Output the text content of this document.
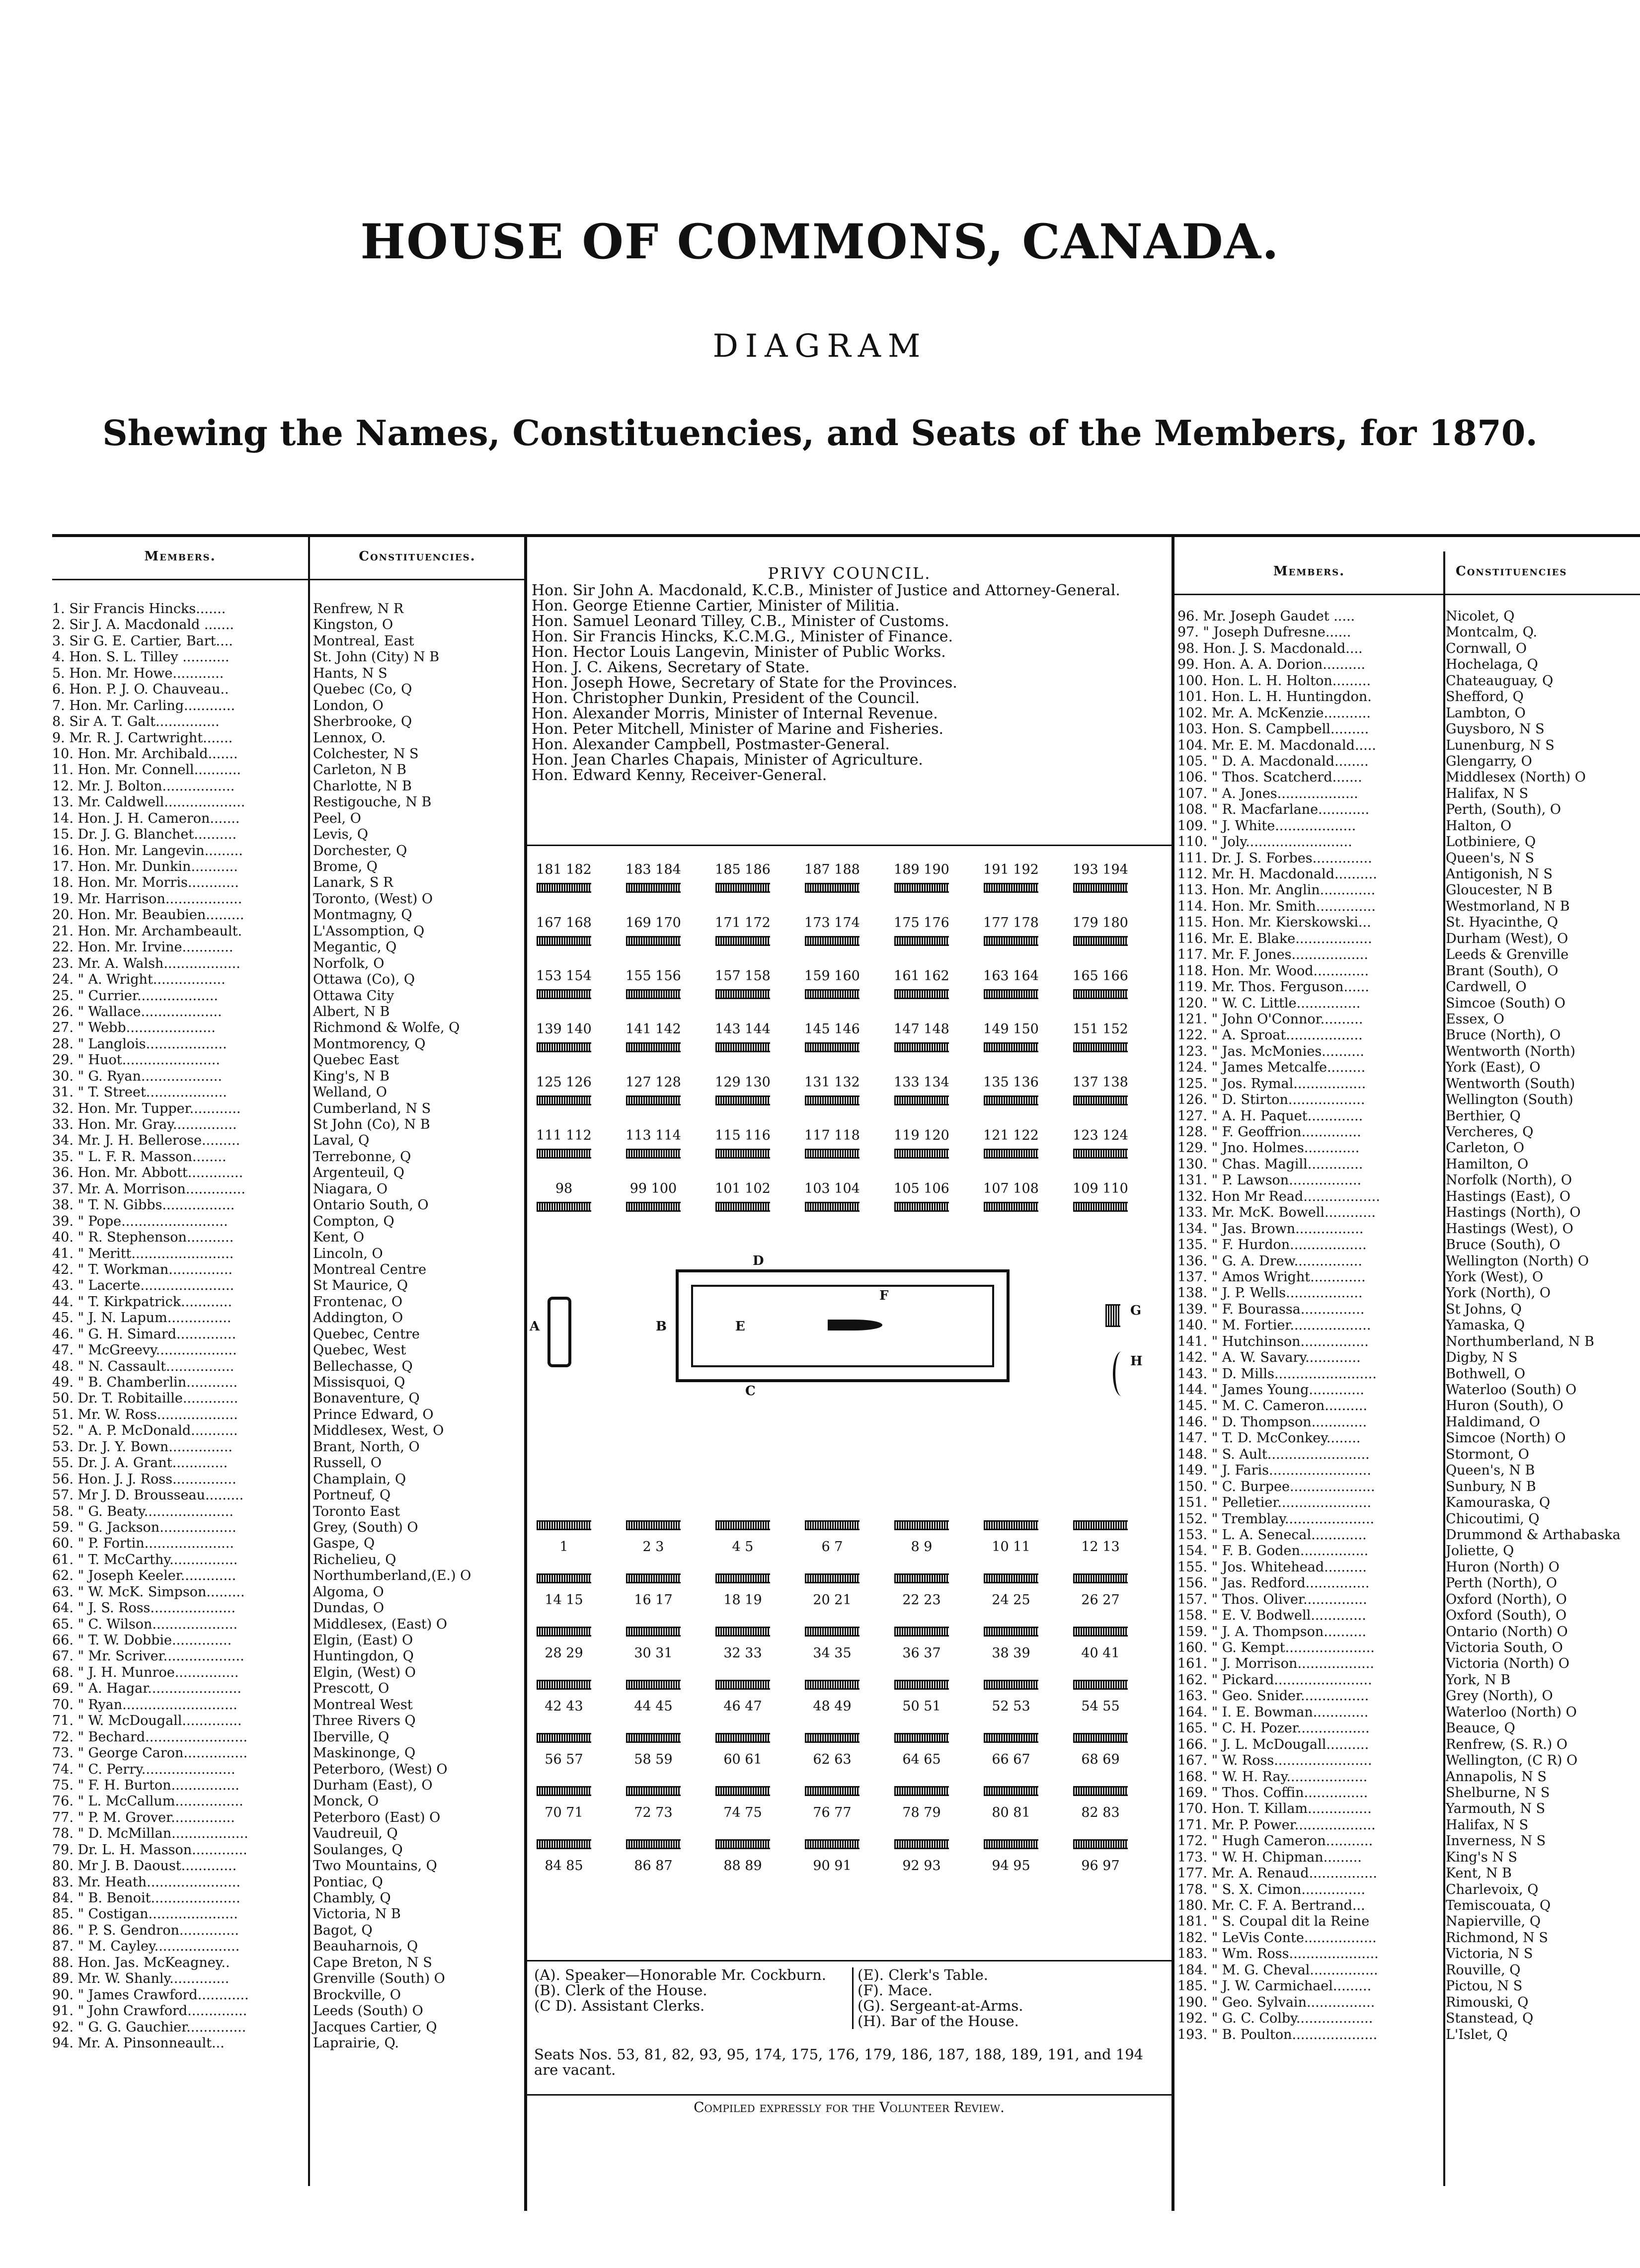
HOUSE OF COMMONS, CANADA.
DIAGRAM
Shewing the Names, Constituencies, and Seats of the Members, for 1870.
Members.	Constituencies.
Members.	Constituencies
1. Sir Francis Hincks.......	Renfrew, N R
2. Sir J. A. Macdonald .......	Kingston, O
3. Sir G. E. Cartier, Bart....	Montreal, East
4. Hon. S. L. Tilley ...........	St. John (City) N B
5. Hon. Mr. Howe............	Hants, N S
6. Hon. P. J. O. Chauveau..	Quebec (Co, Q
7. Hon. Mr. Carling............	London, O
8. Sir A. T. Galt...............	Sherbrooke, Q
9. Mr. R. J. Cartwright.......	Lennox, O.
10. Hon. Mr. Archibald.......	Colchester, N S
11. Hon. Mr. Connell...........	Carleton, N B
12. Mr. J. Bolton.................	Charlotte, N B
13. Mr. Caldwell...................	Restigouche, N B
14. Hon. J. H. Cameron.......	Peel, O
15. Dr. J. G. Blanchet..........	Levis, Q
16. Hon. Mr. Langevin.........	Dorchester, Q
17. Hon. Mr. Dunkin...........	Brome, Q
18. Hon. Mr. Morris............	Lanark, S R
19. Mr. Harrison..................	Toronto, (West) O
20. Hon. Mr. Beaubien.........	Montmagny, Q
21. Hon. Mr. Archambeault.	L'Assomption, Q
22. Hon. Mr. Irvine............	Megantic, Q
23. Mr. A. Walsh..................	Norfolk, O
24. " A. Wright.................	Ottawa (Co), Q
25. " Currier...................	Ottawa City
26. " Wallace...................	Albert, N B
27. " Webb.....................	Richmond & Wolfe, Q
28. " Langlois...................	Montmorency, Q
29. " Huot.......................	Quebec East
30. " G. Ryan...................	King's, N B
31. " T. Street...................	Welland, O
32. Hon. Mr. Tupper............	Cumberland, N S
33. Hon. Mr. Gray...............	St John (Co), N B
34. Mr. J. H. Bellerose.........	Laval, Q
35. " L. F. R. Masson........	Terrebonne, Q
36. Hon. Mr. Abbott.............	Argenteuil, Q
37. Mr. A. Morrison..............	Niagara, O
38. " T. N. Gibbs.................	Ontario South, O
39. " Pope.........................	Compton, Q
40. " R. Stephenson...........	Kent, O
41. " Meritt........................	Lincoln, O
42. " T. Workman...............	Montreal Centre
43. " Lacerte......................	St Maurice, Q
44. " T. Kirkpatrick............	Frontenac, O
45. " J. N. Lapum...............	Addington, O
46. " G. H. Simard..............	Quebec, Centre
47. " McGreevy...................	Quebec, West
48. " N. Cassault................	Bellechasse, Q
49. " B. Chamberlin............	Missisquoi, Q
50. Dr. T. Robitaille.............	Bonaventure, Q
51. Mr. W. Ross...................	Prince Edward, O
52. " A. P. McDonald...........	Middlesex, West, O
53. Dr. J. Y. Bown...............	Brant, North, O
55. Dr. J. A. Grant.............	Russell, O
56. Hon. J. J. Ross...............	Champlain, Q
57. Mr J. D. Brousseau.........	Portneuf, Q
58. " G. Beaty.....................	Toronto East
59. " G. Jackson..................	Grey, (South) O
60. " P. Fortin.....................	Gaspe, Q
61. " T. McCarthy................	Richelieu, Q
62. " Joseph Keeler.............	Northumberland,(E.) O
63. " W. McK. Simpson.........	Algoma, O
64. " J. S. Ross....................	Dundas, O
65. " C. Wilson....................	Middlesex, (East) O
66. " T. W. Dobbie..............	Elgin, (East) O
67. " Mr. Scriver...................	Huntingdon, Q
68. " J. H. Munroe...............	Elgin, (West) O
69. " A. Hagar......................	Prescott, O
70. " Ryan...........................	Montreal West
71. " W. McDougall..............	Three Rivers Q
72. " Bechard........................	Iberville, Q
73. " George Caron...............	Maskinonge, Q
74. " C. Perry......................	Peterboro, (West) O
75. " F. H. Burton................	Durham (East), O
76. " L. McCallum................	Monck, O
77. " P. M. Grover...............	Peterboro (East) O
78. " D. McMillan..................	Vaudreuil, Q
79. Dr. L. H. Masson.............	Soulanges, Q
80. Mr J. B. Daoust.............	Two Mountains, Q
83. Mr. Heath......................	Pontiac, Q
84. " B. Benoit.....................	Chambly, Q
85. " Costigan.....................	Victoria, N B
86. " P. S. Gendron..............	Bagot, Q
87. " M. Cayley....................	Beauharnois, Q
88. Hon. Jas. McKeagney..	Cape Breton, N S
89. Mr. W. Shanly..............	Grenville (South) O
90. " James Crawford............	Brockville, O
91. " John Crawford..............	Leeds (South) O
92. " G. G. Gauchier..............	Jacques Cartier, Q
94. Mr. A. Pinsonneault...	Laprairie, Q.
96. Mr. Joseph Gaudet .....	Nicolet, Q
97. " Joseph Dufresne......	Montcalm, Q.
98. Hon. J. S. Macdonald....	Cornwall, O
99. Hon. A. A. Dorion..........	Hochelaga, Q
100. Hon. L. H. Holton.........	Chateauguay, Q
101. Hon. L. H. Huntingdon.	Shefford, Q
102. Mr. A. McKenzie...........	Lambton, O
103. Hon. S. Campbell.........	Guysboro, N S
104. Mr. E. M. Macdonald.....	Lunenburg, N S
105. " D. A. Macdonald........	Glengarry, O
106. " Thos. Scatcherd.......	Middlesex (North) O
107. " A. Jones...................	Halifax, N S
108. " R. Macfarlane............	Perth, (South), O
109. " J. White...................	Halton, O
110. " Joly.........................	Lotbiniere, Q
111. Dr. J. S. Forbes..............	Queen's, N S
112. Mr. H. Macdonald..........	Antigonish, N S
113. Hon. Mr. Anglin.............	Gloucester, N B
114. Hon. Mr. Smith..............	Westmorland, N B
115. Hon. Mr. Kierskowski...	St. Hyacinthe, Q
116. Mr. E. Blake..................	Durham (West), O
117. Mr. F. Jones..................	Leeds & Grenville
118. Hon. Mr. Wood.............	Brant (South), O
119. Mr. Thos. Ferguson......	Cardwell, O
120. " W. C. Little...............	Simcoe (South) O
121. " John O'Connor..........	Essex, O
122. " A. Sproat..................	Bruce (North), O
123. " Jas. McMonies..........	Wentworth (North)
124. " James Metcalfe.........	York (East), O
125. " Jos. Rymal.................	Wentworth (South)
126. " D. Stirton..................	Wellington (South)
127. " A. H. Paquet.............	Berthier, Q
128. " F. Geoffrion..............	Vercheres, Q
129. " Jno. Holmes.............	Carleton, O
130. " Chas. Magill.............	Hamilton, O
131. " P. Lawson.................	Norfolk (North), O
132. Hon Mr Read..................	Hastings (East), O
133. Mr. McK. Bowell............	Hastings (North), O
134. " Jas. Brown................	Hastings (West), O
135. " F. Hurdon..................	Bruce (South), O
136. " G. A. Drew................	Wellington (North) O
137. " Amos Wright.............	York (West), O
138. " J. P. Wells..................	York (North), O
139. " F. Bourassa...............	St Johns, Q
140. " M. Fortier...................	Yamaska, Q
141. " Hutchinson................	Northumberland, N B
142. " A. W. Savary.............	Digby, N S
143. " D. Mills........................	Bothwell, O
144. " James Young.............	Waterloo (South) O
145. " M. C. Cameron..........	Huron (South), O
146. " D. Thompson.............	Haldimand, O
147. " T. D. McConkey........	Simcoe (North) O
148. " S. Ault........................	Stormont, O
149. " J. Faris........................	Queen's, N B
150. " C. Burpee....................	Sunbury, N B
151. " Pelletier......................	Kamouraska, Q
152. " Tremblay.....................	Chicoutimi, Q
153. " L. A. Senecal.............	Drummond & Arthabaska
154. " F. B. Goden................	Joliette, Q
155. " Jos. Whitehead..........	Huron (North) O
156. " Jas. Redford...............	Perth (North), O
157. " Thos. Oliver...............	Oxford (North), O
158. " E. V. Bodwell.............	Oxford (South), O
159. " J. A. Thompson..........	Ontario (North) O
160. " G. Kempt.....................	Victoria South, O
161. " J. Morrison..................	Victoria (North) O
162. " Pickard.......................	York, N B
163. " Geo. Snider................	Grey (North), O
164. " I. E. Bowman.............	Waterloo (North) O
165. " C. H. Pozer.................	Beauce, Q
166. " J. L. McDougall..........	Renfrew, (S. R.) O
167. " W. Ross.......................	Wellington, (C R) O
168. " W. H. Ray...................	Annapolis, N S
169. " Thos. Coffin...............	Shelburne, N S
170. Hon. T. Killam...............	Yarmouth, N S
171. Mr. P. Power...................	Halifax, N S
172. " Hugh Cameron...........	Inverness, N S
173. " W. H. Chipman.........	King's N S
177. Mr. A. Renaud................	Kent, N B
178. " S. X. Cimon...............	Charlevoix, Q
180. Mr. C. F. A. Bertrand...	Temiscouata, Q
181. " S. Coupal dit la Reine	Napierville, Q
182. " LeVis Conte.................	Richmond, N S
183. " Wm. Ross.....................	Victoria, N S
184. " M. G. Cheval................	Rouville, Q
185. " J. W. Carmichael.........	Pictou, N S
190. " Geo. Sylvain................	Rimouski, Q
192. " G. C. Colby..................	Stanstead, Q
193. " B. Poulton....................	L'Islet, Q
PRIVY COUNCIL.
Hon. Sir John A. Macdonald, K.C.B., Minister of Justice and Attorney-General.
Hon. George Etienne Cartier, Minister of Militia.
Hon. Samuel Leonard Tilley, C.B., Minister of Customs.
Hon. Sir Francis Hincks, K.C.M.G., Minister of Finance.
Hon. Hector Louis Langevin, Minister of Public Works.
Hon. J. C. Aikens, Secretary of State.
Hon. Joseph Howe, Secretary of State for the Provinces.
Hon. Christopher Dunkin, President of the Council.
Hon. Alexander Morris, Minister of Internal Revenue.
Hon. Peter Mitchell, Minister of Marine and Fisheries.
Hon. Alexander Campbell, Postmaster-General.
Hon. Jean Charles Chapais, Minister of Agriculture.
Hon. Edward Kenny, Receiver-General.
A	B
C
D
E
F
G
H
181 182	183 184	185 186	187 188	189 190	191 192	193 194
167 168	169 170	171 172	173 174	175 176	177 178	179 180
153 154	155 156	157 158	159 160	161 162	163 164	165 166
139 140	141 142	143 144	145 146	147 148	149 150	151 152
125 126	127 128	129 130	131 132	133 134	135 136	137 138
111 112	113 114	115 116	117 118	119 120	121 122	123 124
98	99 100	101 102	103 104	105 106	107 108	109 110
1	2 3	4 5	6 7	8 9	10 11	12 13
14 15	16 17	18 19	20 21	22 23	24 25	26 27
28 29	30 31	32 33	34 35	36 37	38 39	40 41
42 43	44 45	46 47	48 49	50 51	52 53	54 55
56 57	58 59	60 61	62 63	64 65	66 67	68 69
70 71	72 73	74 75	76 77	78 79	80 81	82 83
84 85	86 87	88 89	90 91	92 93	94 95	96 97
(A). Speaker—Honorable Mr. Cockburn.
(B). Clerk of the House.
(C D). Assistant Clerks.
(E). Clerk's Table.
(F). Mace.
(G). Sergeant-at-Arms.
(H). Bar of the House.
Seats Nos. 53, 81, 82, 93, 95, 174, 175, 176, 179, 186, 187, 188, 189, 191, and 194 are vacant.
Compiled expressly for the Volunteer Review.
